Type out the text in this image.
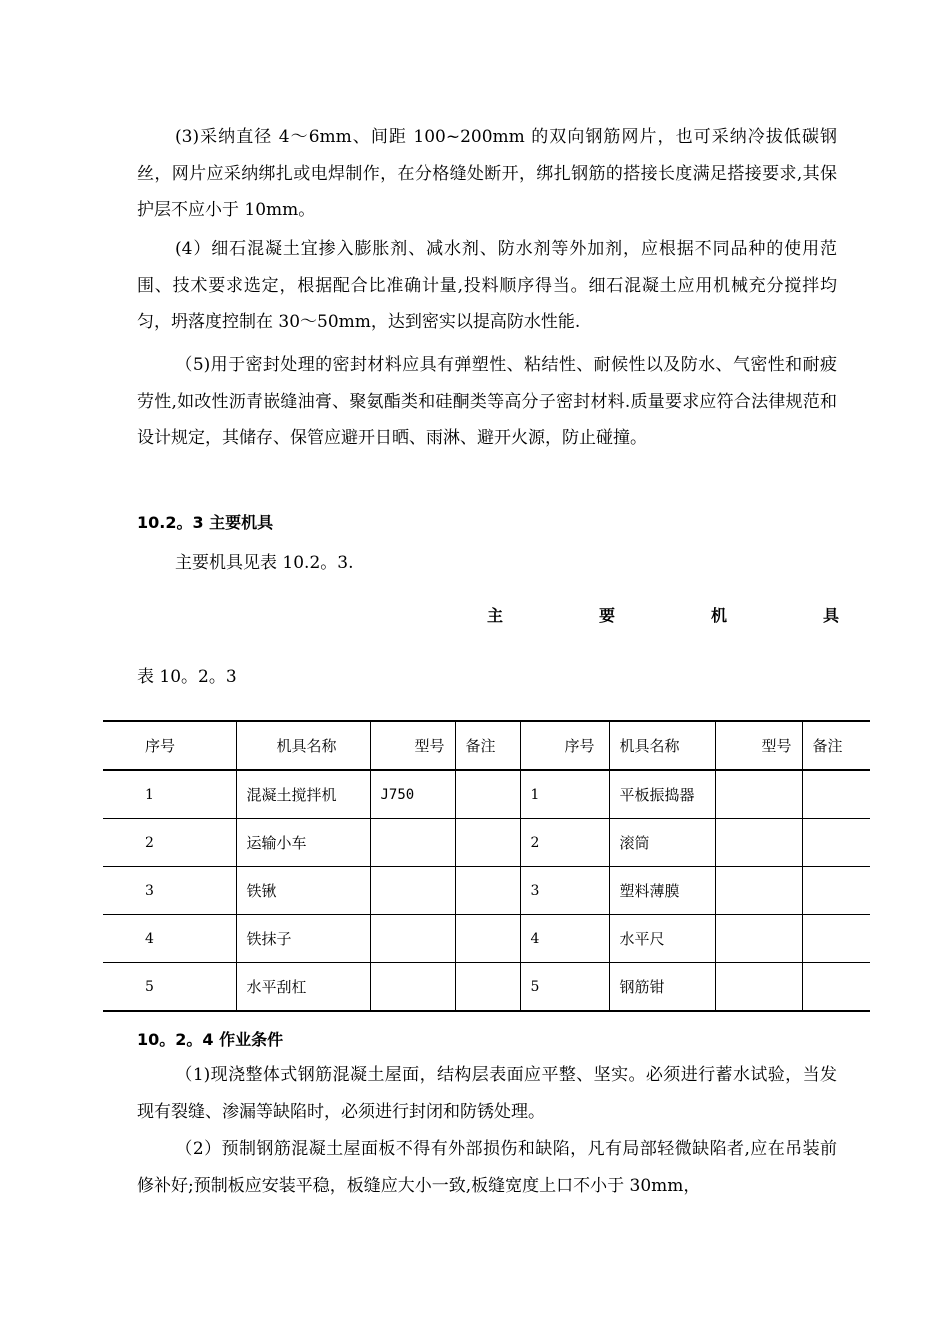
(3)采纳直径 4～6mm、间距 100~200mm 的双向钢筋网片，也可采纳冷拔低碳钢丝，网片应采纳绑扎或电焊制作，在分格缝处断开，绑扎钢筋的搭接长度满足搭接要求,其保护层不应小于 10mm。

(4）细石混凝土宜掺入膨胀剂、减水剂、防水剂等外加剂，应根据不同品种的使用范围、技术要求选定，根据配合比准确计量,投料顺序得当。细石混凝土应用机械充分搅拌均匀，坍落度控制在 30～50mm，达到密实以提高防水性能.

（5)用于密封处理的密封材料应具有弹塑性、粘结性、耐候性以及防水、气密性和耐疲劳性,如改性沥青嵌缝油膏、聚氨酯类和硅酮类等高分子密封材料.质量要求应符合法律规范和设计规定，其储存、保管应避开日晒、雨淋、避开火源，防止碰撞。

10.2。3 主要机具

主要机具见表 10.2。3.

主	要	机	具

表 10。2。3

序号	机具名称	型号	备注	序号	机具名称	型号	备注
1	混凝土搅拌机	J750		1	平板振捣器		
2	运输小车			2	滚筒		
3	铁锹			3	塑料薄膜		
4	铁抹子			4	水平尺		
5	水平刮杠			5	钢筋钳		

10。2。4 作业条件

（1)现浇整体式钢筋混凝土屋面，结构层表面应平整、坚实。必须进行蓄水试验，当发现有裂缝、渗漏等缺陷时，必须进行封闭和防锈处理。

（2）预制钢筋混凝土屋面板不得有外部损伤和缺陷，凡有局部轻微缺陷者,应在吊装前修补好;预制板应安装平稳，板缝应大小一致,板缝宽度上口不小于 30mm，
